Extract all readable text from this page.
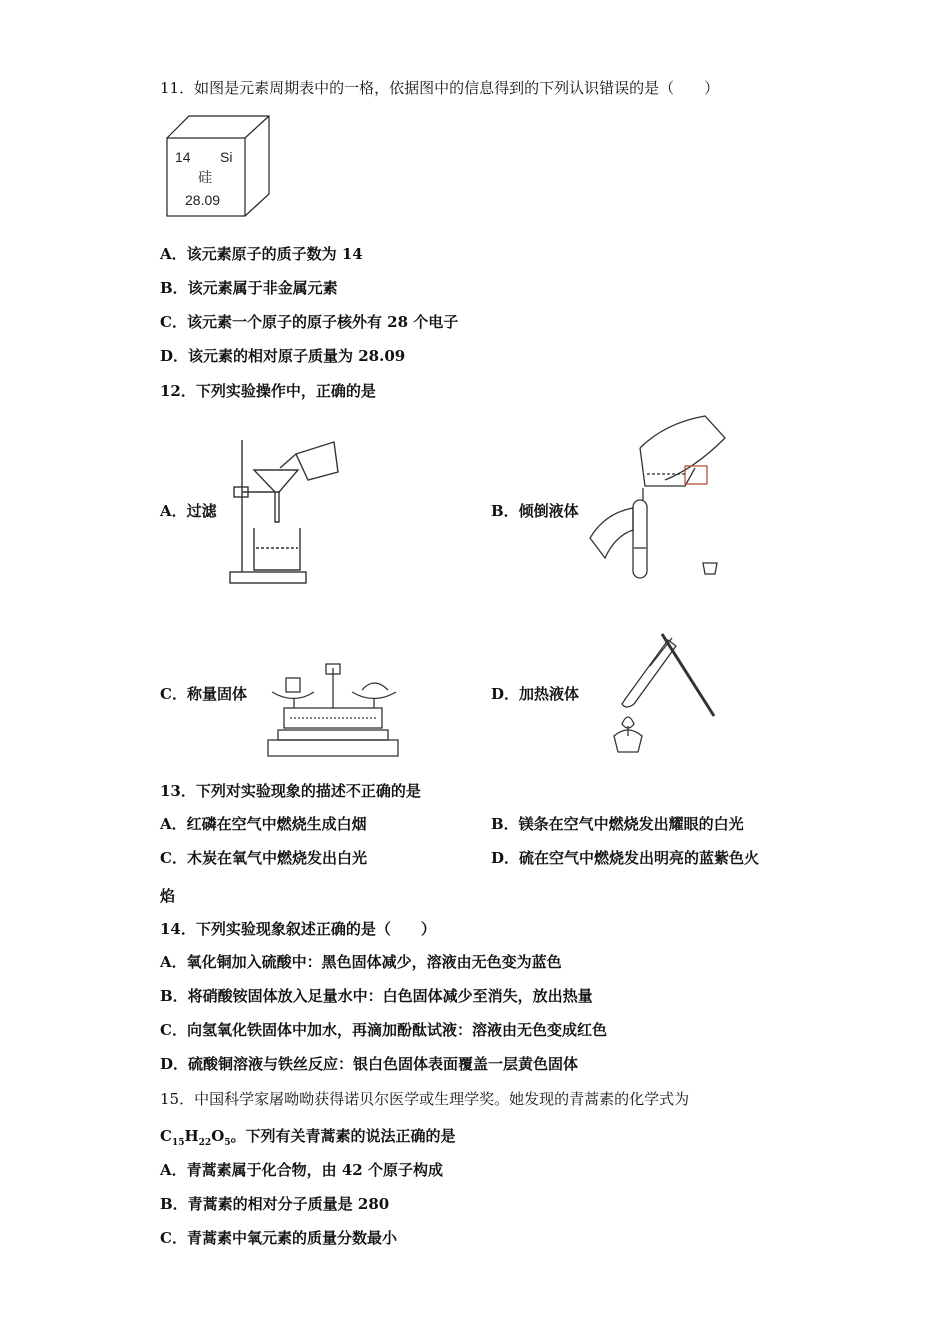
11．如图是元素周期表中的一格，依据图中的信息得到的下列认识错误的是（　　）
14 Si
硅
28.09
A．该元素原子的质子数为 14
B．该元素属于非金属元素
C．该元素一个原子的原子核外有 28 个电子
D．该元素的相对原子质量为 28.09
12．下列实验操作中，正确的是
A．过滤	B．倾倒液体
C．称量固体	D．加热液体
13．下列对实验现象的描述不正确的是
A．红磷在空气中燃烧生成白烟	B．镁条在空气中燃烧发出耀眼的白光
C．木炭在氧气中燃烧发出白光	D．硫在空气中燃烧发出明亮的蓝紫色火
焰
14．下列实验现象叙述正确的是（　　）
A．氧化铜加入硫酸中：黑色固体减少，溶液由无色变为蓝色
B．将硝酸铵固体放入足量水中：白色固体减少至消失，放出热量
C．向氢氧化铁固体中加水，再滴加酚酞试液：溶液由无色变成红色
D．硫酸铜溶液与铁丝反应：银白色固体表面覆盖一层黄色固体
15．中国科学家屠呦呦获得诺贝尔医学或生理学奖。她发现的青蒿素的化学式为
$C_{15}H_{22}O_5$。下列有关青蒿素的说法正确的是
A．青蒿素属于化合物，由 42 个原子构成
B．青蒿素的相对分子质量是 280
C．青蒿素中氧元素的质量分数最小
